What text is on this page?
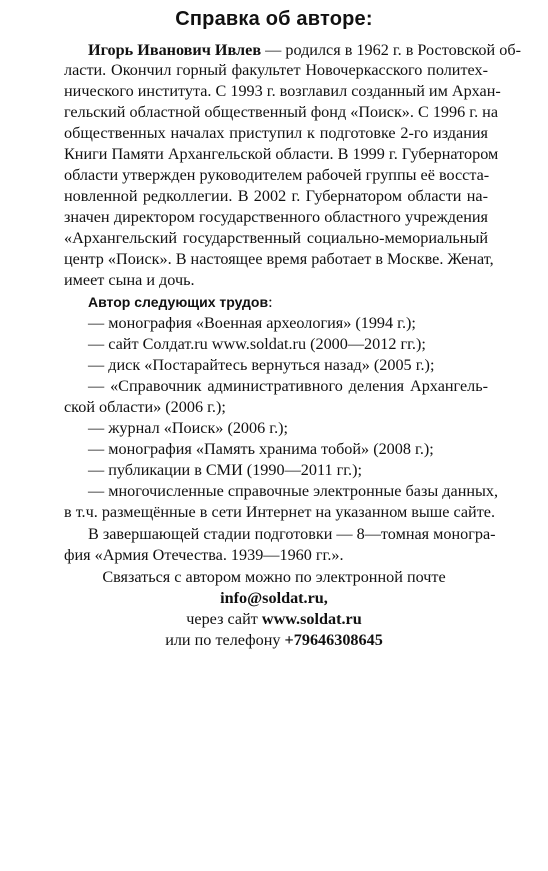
Справка об авторе:
Игорь Иванович Ивлев — родился в 1962 г. в Ростовской об-
ласти. Окончил горный факультет Новочеркасского политех-
нического института. С 1993 г. возглавил созданный им Архан-
гельский областной общественный фонд «Поиск». С 1996 г. на
общественных началах приступил к подготовке 2-го издания
Книги Памяти Архангельской области. В 1999 г. Губернатором
области утвержден руководителем рабочей группы её восста-
новленной редколлегии. В 2002 г. Губернатором области на-
значен директором государственного областного учреждения
«Архангельский государственный социально-мемориальный
центр «Поиск». В настоящее время работает в Москве. Женат,
имеет сына и дочь.
Автор следующих трудов:
— монография «Военная археология» (1994 г.);
— сайт Солдат.ru www.soldat.ru (2000—2012 гг.);
— диск «Постарайтесь вернуться назад» (2005 г.);
— «Справочник административного деления Архангель-
ской области» (2006 г.);
— журнал «Поиск» (2006 г.);
— монография «Память хранима тобой» (2008 г.);
— публикации в СМИ (1990—2011 гг.);
— многочисленные справочные электронные базы данных,
в т.ч. размещённые в сети Интернет на указанном выше сайте.
В завершающей стадии подготовки — 8—томная моногра-
фия «Армия Отечества. 1939—1960 гг.».
Связаться с автором можно по электронной почте
info@soldat.ru,
через сайт www.soldat.ru
или по телефону +79646308645
